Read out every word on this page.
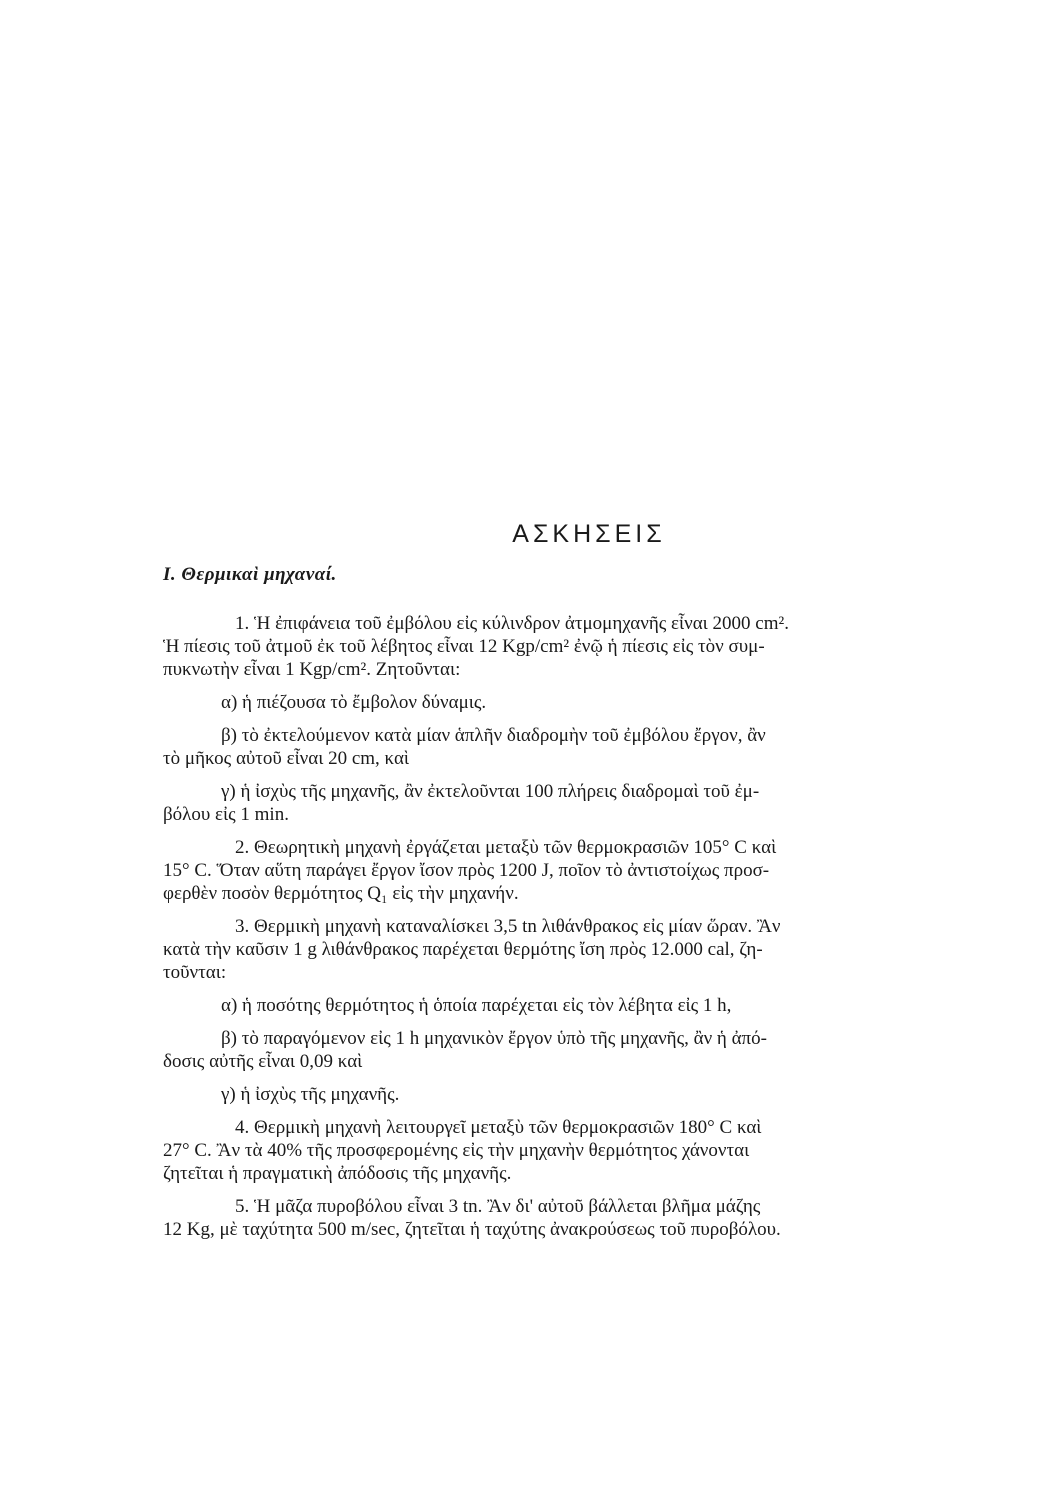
ΑΣΚΗΣΕΙΣ
Ι. Θερμικαὶ μηχαναί.
1. Ἡ ἐπιφάνεια τοῦ ἐμβόλου εἰς κύλινδρον ἀτμομηχανῆς εἶναι 2000 cm².
Ἡ πίεσις τοῦ ἀτμοῦ ἐκ τοῦ λέβητος εἶναι 12 Kgp/cm² ἐνῷ ἡ πίεσις εἰς τὸν συμ-
πυκνωτὴν εἶναι 1 Kgp/cm². Ζητοῦνται:
α) ἡ πιέζουσα τὸ ἔμβολον δύναμις.
β) τὸ ἐκτελούμενον κατὰ μίαν ἁπλῆν διαδρομὴν τοῦ ἐμβόλου ἔργον, ἂν
τὸ μῆκος αὐτοῦ εἶναι 20 cm, καὶ
γ) ἡ ἰσχὺς τῆς μηχανῆς, ἂν ἐκτελοῦνται 100 πλήρεις διαδρομαὶ τοῦ ἐμ-
βόλου εἰς 1 min.
2. Θεωρητικὴ μηχανὴ ἐργάζεται μεταξὺ τῶν θερμοκρασιῶν 105° C καὶ
15° C. Ὅταν αὕτη παράγει ἔργον ἴσον πρὸς 1200 J, ποῖον τὸ ἀντιστοίχως προσ-
φερθὲν ποσὸν θερμότητος Q₁ εἰς τὴν μηχανήν.
3. Θερμικὴ μηχανὴ καταναλίσκει 3,5 tn λιθάνθρακος εἰς μίαν ὥραν. Ἂν
κατὰ τὴν καῦσιν 1 g λιθάνθρακος παρέχεται θερμότης ἴση πρὸς 12.000 cal, ζη-
τοῦνται:
α) ἡ ποσότης θερμότητος ἡ ὁποία παρέχεται εἰς τὸν λέβητα εἰς 1 h,
β) τὸ παραγόμενον εἰς 1 h μηχανικὸν ἔργον ὑπὸ τῆς μηχανῆς, ἂν ἡ ἀπό-
δοσις αὐτῆς εἶναι 0,09 καὶ
γ) ἡ ἰσχὺς τῆς μηχανῆς.
4. Θερμικὴ μηχανὴ λειτουργεῖ μεταξὺ τῶν θερμοκρασιῶν 180° C καὶ
27° C. Ἂν τὰ 40% τῆς προσφερομένης εἰς τὴν μηχανὴν θερμότητος χάνονται
ζητεῖται ἡ πραγματικὴ ἀπόδοσις τῆς μηχανῆς.
5. Ἡ μᾶζα πυροβόλου εἶναι 3 tn. Ἂν δι' αὐτοῦ βάλλεται βλῆμα μάζης
12 Kg, μὲ ταχύτητα 500 m/sec, ζητεῖται ἡ ταχύτης ἀνακρούσεως τοῦ πυροβόλου.
